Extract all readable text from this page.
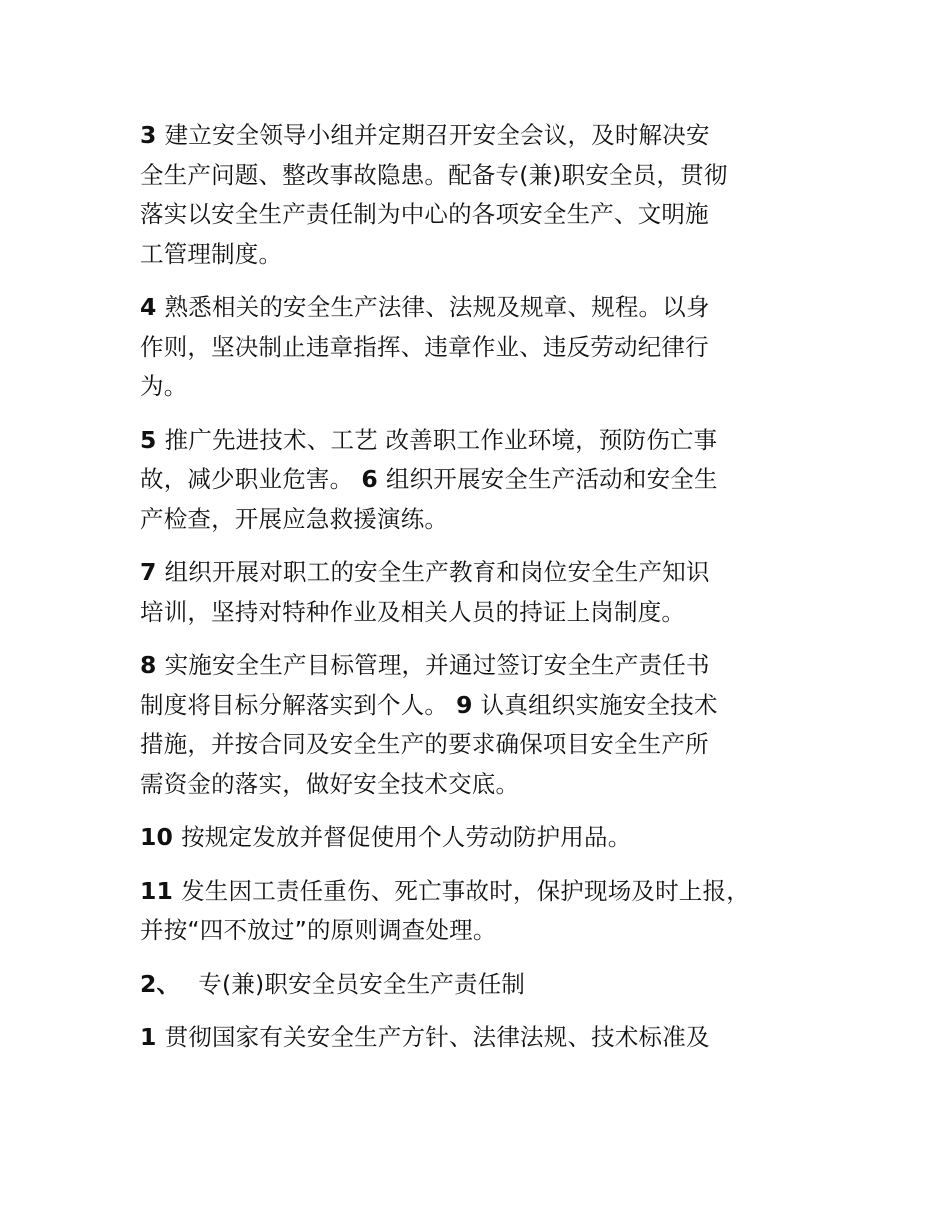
3 建立安全领导小组并定期召开安全会议，及时解决安
全生产问题、整改事故隐患。配备专(兼)职安全员，贯彻
落实以安全生产责任制为中心的各项安全生产、文明施
工管理制度。

4 熟悉相关的安全生产法律、法规及规章、规程。以身
作则，坚决制止违章指挥、违章作业、违反劳动纪律行
为。

5 推广先进技术、工艺 改善职工作业环境，预防伤亡事
故，减少职业危害。 6 组织开展安全生产活动和安全生
产检查，开展应急救援演练。

7 组织开展对职工的安全生产教育和岗位安全生产知识
培训，坚持对特种作业及相关人员的持证上岗制度。

8 实施安全生产目标管理，并通过签订安全生产责任书
制度将目标分解落实到个人。 9 认真组织实施安全技术
措施，并按合同及安全生产的要求确保项目安全生产所
需资金的落实，做好安全技术交底。

10 按规定发放并督促使用个人劳动防护用品。

11 发生因工责任重伤、死亡事故时，保护现场及时上报，
并按“四不放过”的原则调查处理。

2、 专(兼)职安全员安全生产责任制

1 贯彻国家有关安全生产方针、法律法规、技术标准及
